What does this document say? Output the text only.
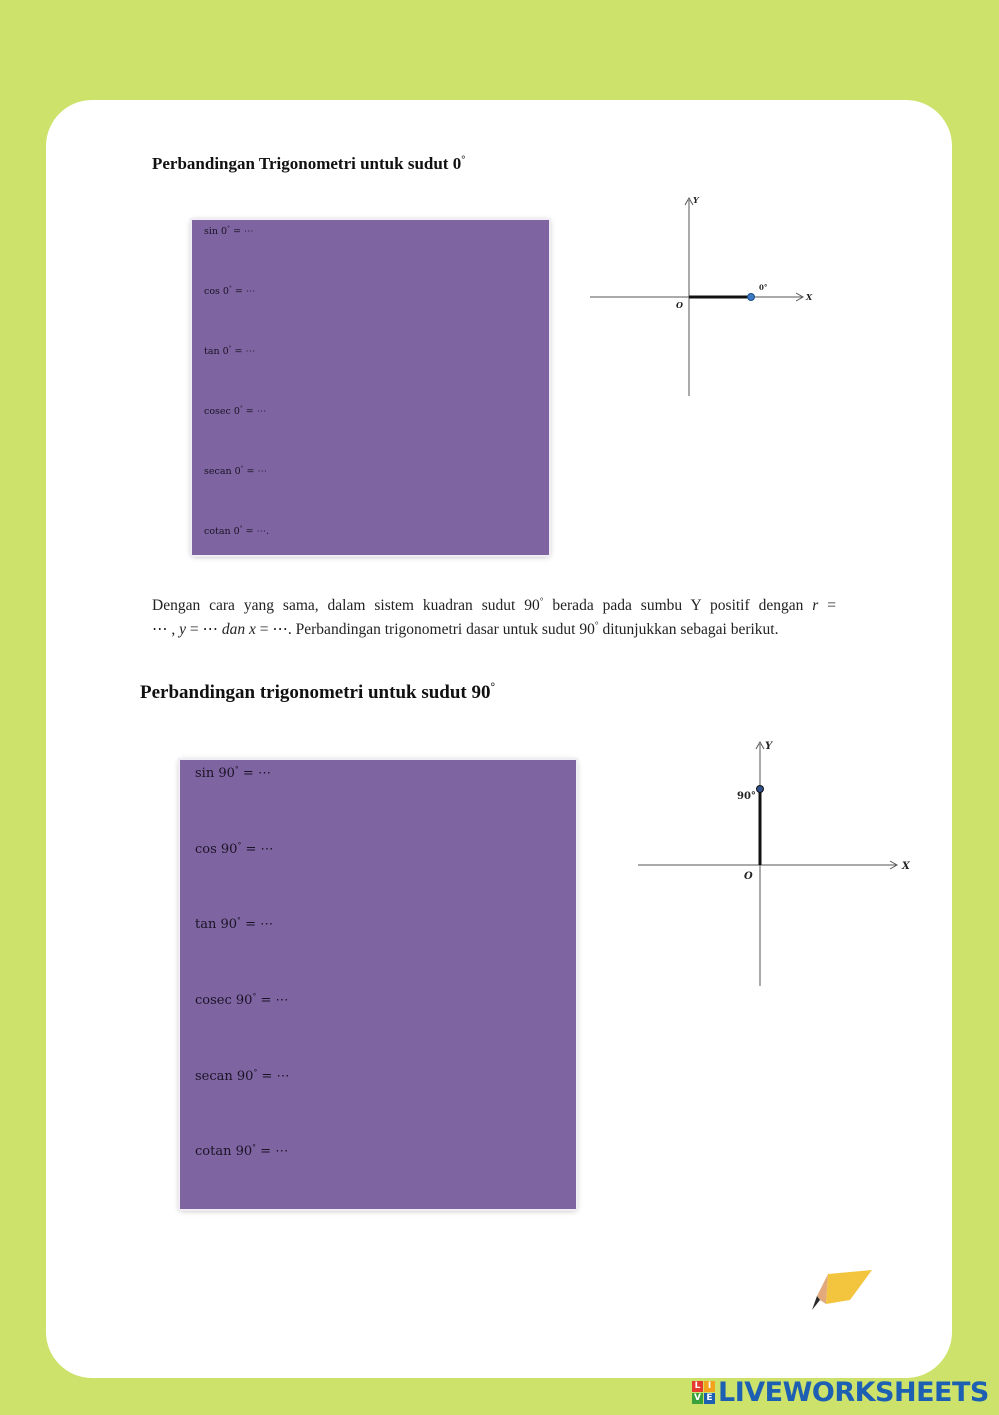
Perbandingan Trigonometri untuk sudut 0°
sin 0° = ⋯
cos 0° = ⋯
tan 0° = ⋯
cosec 0° = ⋯
secan 0° = ⋯
cotan 0° = ⋯.
Y
X
O
0°
Dengan cara yang sama, dalam sistem kuadran sudut 90° berada pada sumbu Y positif dengan r =
⋯ , y = ⋯ dan x = ⋯. Perbandingan trigonometri dasar untuk sudut 90° ditunjukkan sebagai berikut.
Perbandingan trigonometri untuk sudut 90°
sin 90° = ⋯
cos 90° = ⋯
tan 90° = ⋯
cosec 90° = ⋯
secan 90° = ⋯
cotan 90° = ⋯
Y
X
O
90°
L I
V E LIVEWORKSHEETS
